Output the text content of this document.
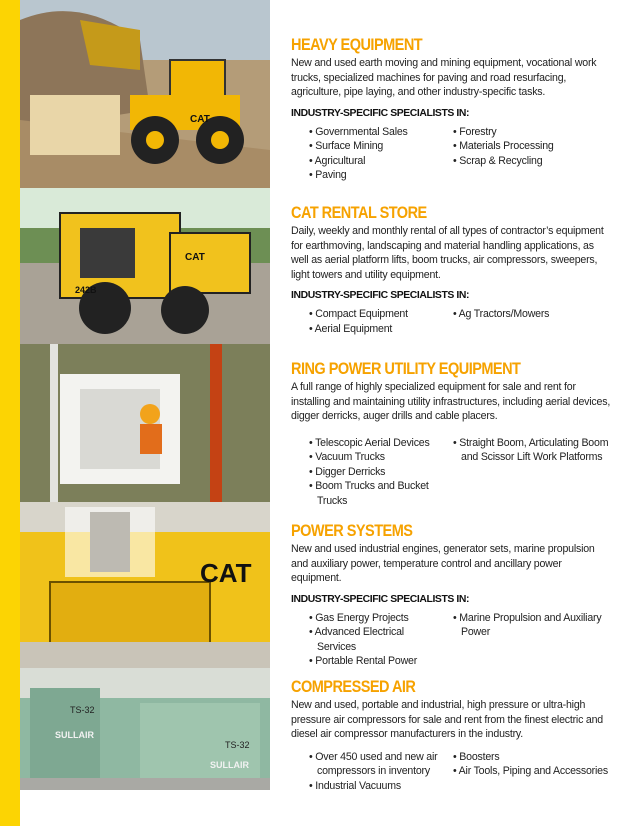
CAT
242B
CAT
CAT
SULLAIR
TS-32
SULLAIR
TS-32
HEAVY EQUIPMENT

New and used earth moving and mining equipment, vocational work trucks, specialized machines for paving and road resurfacing, agriculture, pipe laying, and other industry-specific tasks.

INDUSTRY-SPECIFIC SPECIALISTS IN:
• Governmental Sales
• Surface Mining
• Agricultural
• Paving
• Forestry
• Materials Processing
• Scrap & Recycling
CAT RENTAL STORE

Daily, weekly and monthly rental of all types of contractor’s equipment for earthmoving, landscaping and material handling applications, as well as aerial platform lifts, boom trucks, air compressors, sweepers, light towers and utility equipment.

INDUSTRY-SPECIFIC SPECIALISTS IN:
• Compact Equipment
• Aerial Equipment
• Ag Tractors/Mowers
RING POWER UTILITY EQUIPMENT

A full range of highly specialized equipment for sale and rent for installing and maintaining utility infrastructures, including aerial devices, digger derricks, auger drills and cable placers.

• Telescopic Aerial Devices
• Vacuum Trucks
• Digger Derricks
• Boom Trucks and Bucket Trucks
• Straight Boom, Articulating Boom and Scissor Lift Work Platforms
POWER SYSTEMS

New and used industrial engines, generator sets, marine propulsion and auxiliary power, temperature control and ancillary power equipment.

INDUSTRY-SPECIFIC SPECIALISTS IN:
• Gas Energy Projects
• Advanced Electrical Services
• Portable Rental Power
• Marine Propulsion and Auxiliary Power
COMPRESSED AIR

New and used, portable and industrial, high pressure or ultra-high pressure air compressors for sale and rent from the finest electric and diesel air compressor manufacturers in the industry.

• Over 450 used and new air compressors in inventory
• Industrial Vacuums
• Boosters
• Air Tools, Piping and Accessories
